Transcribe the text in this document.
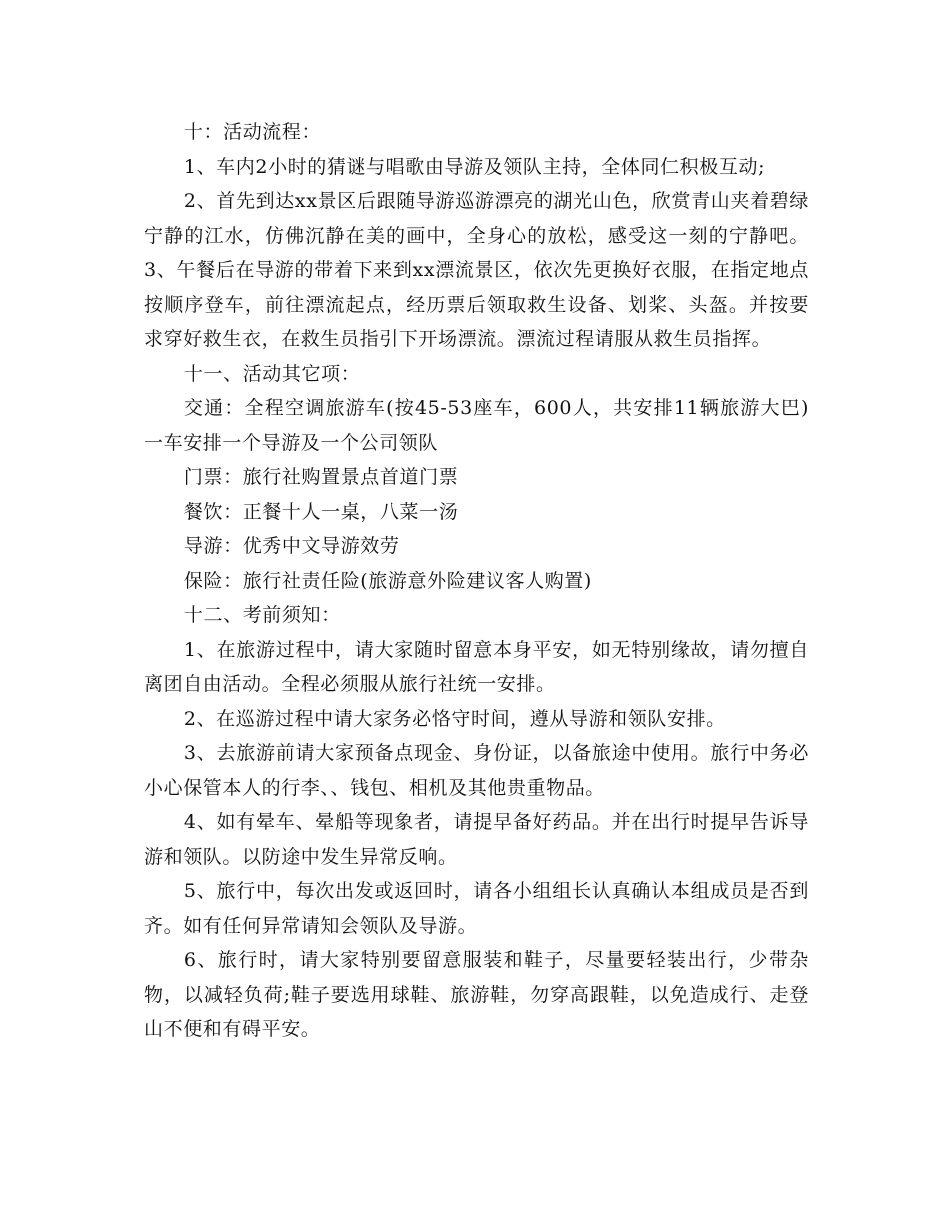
十：活动流程：

1、车内2小时的猜谜与唱歌由导游及领队主持，全体同仁积极互动;

2、首先到达xx景区后跟随导游巡游漂亮的湖光山色，欣赏青山夹着碧绿宁静的江水，仿佛沉静在美的画中，全身心的放松，感受这一刻的宁静吧。 3、午餐后在导游的带着下来到xx漂流景区，依次先更换好衣服，在指定地点按顺序登车，前往漂流起点，经历票后领取救生设备、划桨、头盔。并按要求穿好救生衣，在救生员指引下开场漂流。漂流过程请服从救生员指挥。

十一、活动其它项：

交通：全程空调旅游车(按45-53座车，600人，共安排11辆旅游大巴)一车安排一个导游及一个公司领队

门票：旅行社购置景点首道门票

餐饮：正餐十人一桌，八菜一汤

导游：优秀中文导游效劳

保险：旅行社责任险(旅游意外险建议客人购置)

十二、考前须知：

1、在旅游过程中，请大家随时留意本身平安，如无特别缘故，请勿擅自离团自由活动。全程必须服从旅行社统一安排。

2、在巡游过程中请大家务必恪守时间，遵从导游和领队安排。

3、去旅游前请大家预备点现金、身份证，以备旅途中使用。旅行中务必小心保管本人的行李、、钱包、相机及其他贵重物品。

4、如有晕车、晕船等现象者，请提早备好药品。并在出行时提早告诉导游和领队。以防途中发生异常反响。

5、旅行中，每次出发或返回时，请各小组组长认真确认本组成员是否到齐。如有任何异常请知会领队及导游。

6、旅行时，请大家特别要留意服装和鞋子，尽量要轻装出行，少带杂物，以减轻负荷;鞋子要选用球鞋、旅游鞋，勿穿高跟鞋，以免造成行、走登山不便和有碍平安。
